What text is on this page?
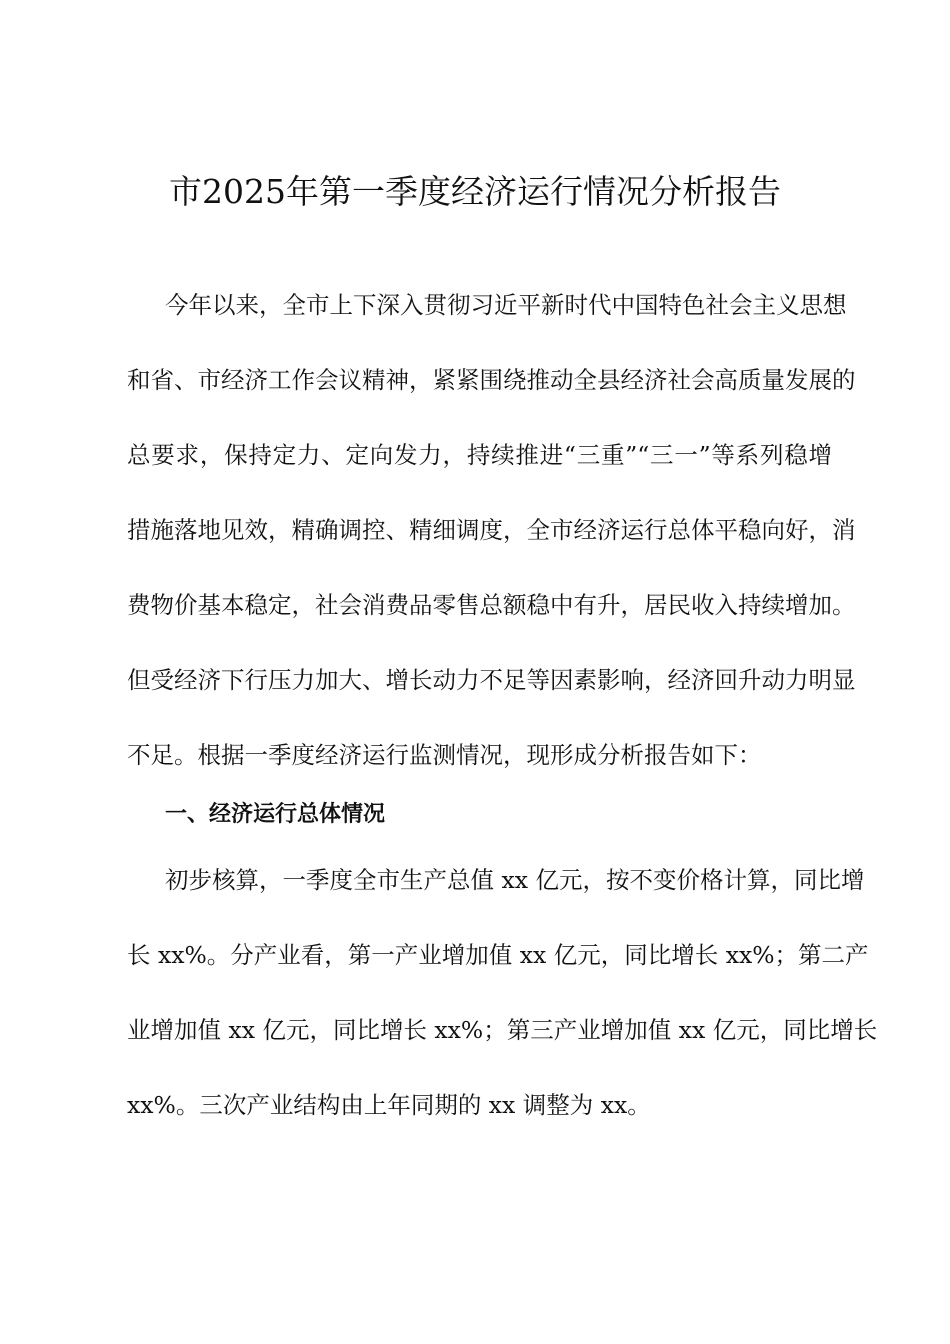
市2025年第一季度经济运行情况分析报告
今年以来，全市上下深入贯彻习近平新时代中国特色社会主义思想
和省、市经济工作会议精神，紧紧围绕推动全县经济社会高质量发展的
总要求，保持定力、定向发力，持续推进“三重”“三一”等系列稳增
措施落地见效，精确调控、精细调度，全市经济运行总体平稳向好，消
费物价基本稳定，社会消费品零售总额稳中有升，居民收入持续增加。
但受经济下行压力加大、增长动力不足等因素影响，经济回升动力明显
不足。根据一季度经济运行监测情况，现形成分析报告如下：
一、经济运行总体情况
初步核算，一季度全市生产总值 xx 亿元，按不变价格计算，同比增
长 xx%。分产业看，第一产业增加值 xx 亿元，同比增长 xx%；第二产
业增加值 xx 亿元，同比增长 xx%；第三产业增加值 xx 亿元，同比增长
xx%。三次产业结构由上年同期的 xx 调整为 xx。
